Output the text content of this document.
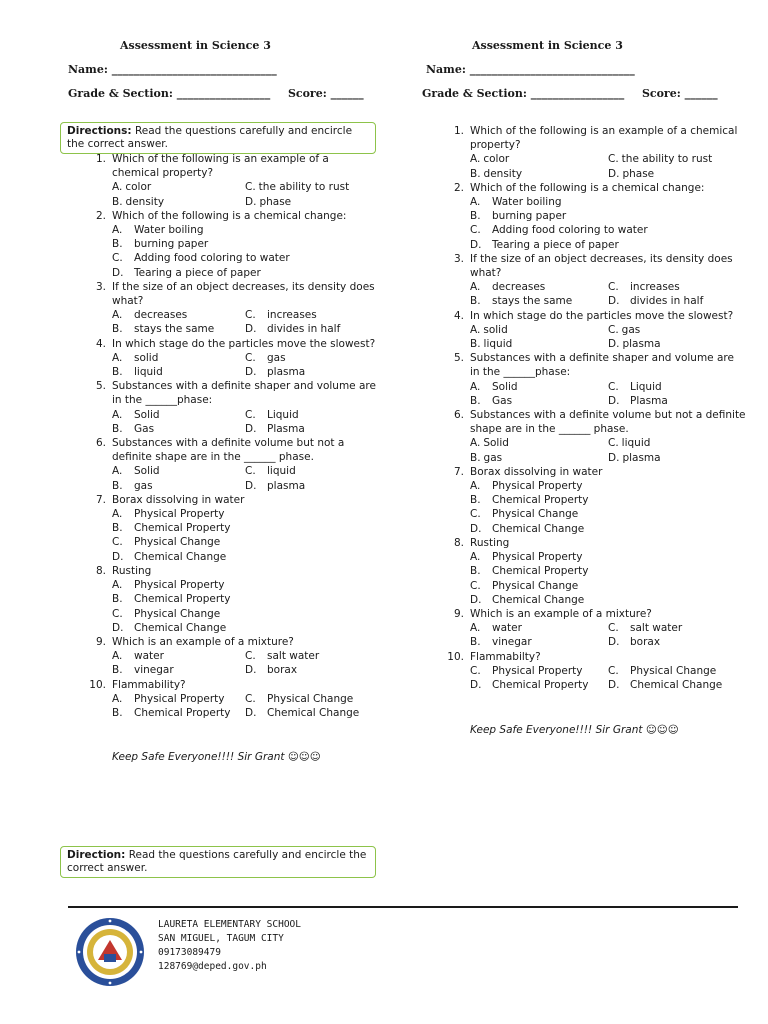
Assessment in Science 3
Name: ______________________________
Grade & Section: _________________ Score: ______
Directions: Read the questions carefully and encircle the correct answer.
1. Which of the following is an example of a chemical property?
A. color	C. the ability to rust
B. density	D. phase
2. Which of the following is a chemical change:
A. Water boiling
B. burning paper
C. Adding food coloring to water
D. Tearing a piece of paper
3. If the size of an object decreases, its density does what?
A. decreases	C. increases
B. stays the same	D. divides in half
4. In which stage do the particles move the slowest?
A. solid	C. gas
B. liquid	D. plasma
5. Substances with a definite shaper and volume are in the ______phase:
A. Solid	C. Liquid
B. Gas	D. Plasma
6. Substances with a definite volume but not a definite shape are in the ______ phase.
A. Solid	C. liquid
B. gas	D. plasma
7. Borax dissolving in water
A. Physical Property
B. Chemical Property
C. Physical Change
D. Chemical Change
8. Rusting
A. Physical Property
B. Chemical Property
C. Physical Change
D. Chemical Change
9. Which is an example of a mixture?
A. water	C. salt water
B. vinegar	D. borax
10. Flammability?
A. Physical Property	C. Physical Change
B. Chemical Property	D. Chemical Change
Keep Safe Everyone!!!! Sir Grant ☺☺☺
Direction: Read the questions carefully and encircle the correct answer.
Assessment in Science 3
Name: ______________________________
Grade & Section: _________________ Score: ______
1. Which of the following is an example of a chemical property?
A. color	C. the ability to rust
B. density	D. phase
2. Which of the following is a chemical change:
A. Water boiling
B. burning paper
C. Adding food coloring to water
D. Tearing a piece of paper
3. If the size of an object decreases, its density does what?
A. decreases	C. increases
B. stays the same	D. divides in half
4. In which stage do the particles move the slowest?
A. solid	C. gas
B. liquid	D. plasma
5. Substances with a definite shaper and volume are in the ______phase:
A. Solid	C. Liquid
B. Gas	D. Plasma
6. Substances with a definite volume but not a definite shape are in the ______ phase.
A. Solid	C. liquid
B. gas	D. plasma
7. Borax dissolving in water
A. Physical Property
B. Chemical Property
C. Physical Change
D. Chemical Change
8. Rusting
A. Physical Property
B. Chemical Property
C. Physical Change
D. Chemical Change
9. Which is an example of a mixture?
A. water	C. salt water
B. vinegar	D. borax
10. Flammabilty?
C. Physical Property	C. Physical Change
D. Chemical Property	D. Chemical Change
Keep Safe Everyone!!!! Sir Grant ☺☺☺
LAURETA ELEMENTARY SCHOOL
SAN MIGUEL, TAGUM CITY
09173089479
128769@deped.gov.ph
